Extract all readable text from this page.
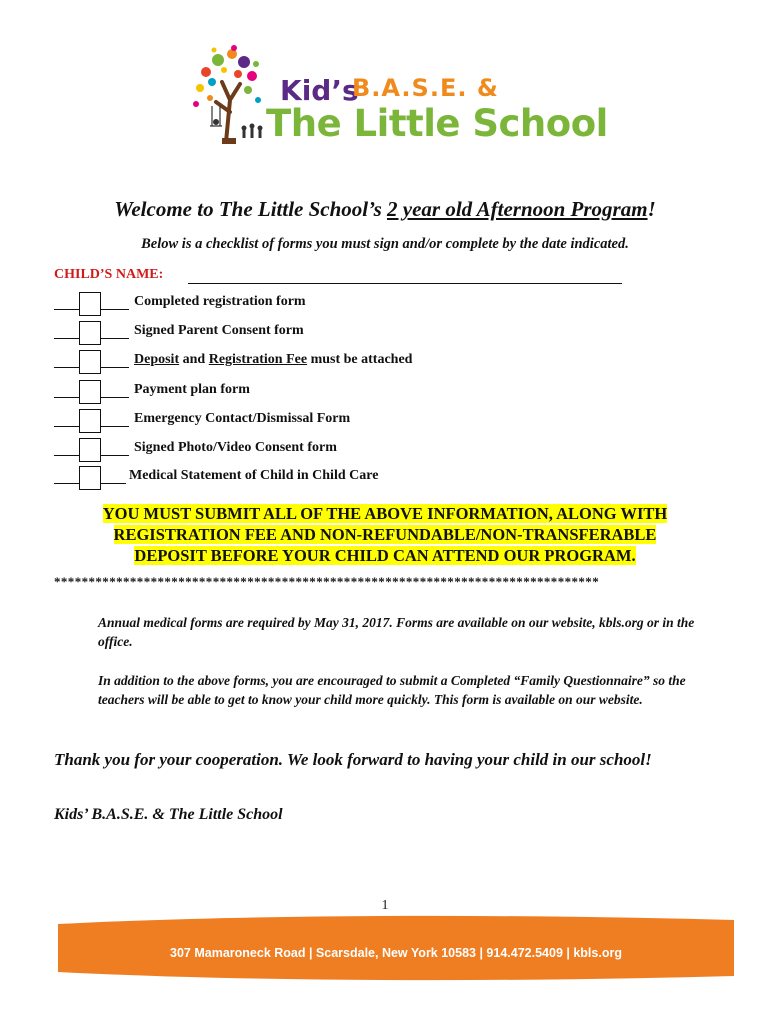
Kid’s
B.A.S.E. &
The Little School
Welcome to The Little School’s 2 year old Afternoon Program!
Below is a checklist of forms you must sign and/or complete by the date indicated.
CHILD’S NAME:
Completed registration form
Signed Parent Consent form
Deposit and Registration Fee must be attached
Payment plan form
Emergency Contact/Dismissal Form
Signed Photo/Video Consent form
Medical Statement of Child in Child Care
YOU MUST SUBMIT ALL OF THE ABOVE INFORMATION, ALONG WITH
REGISTRATION FEE AND NON-REFUNDABLE/NON-TRANSFERABLE
DEPOSIT BEFORE YOUR CHILD CAN ATTEND OUR PROGRAM.
*******************************************************************************
Annual medical forms are required by May 31, 2017. Forms are available on our website, kbls.org or in the office.
In addition to the above forms, you are encouraged to submit a Completed “Family Questionnaire” so the teachers will be able to get to know your child more quickly. This form is available on our website.
Thank you for your cooperation. We look forward to having your child in our school!
Kids’ B.A.S.E. & The Little School
1
307 Mamaroneck Road | Scarsdale, New York 10583 | 914.472.5409 | kbls.org
